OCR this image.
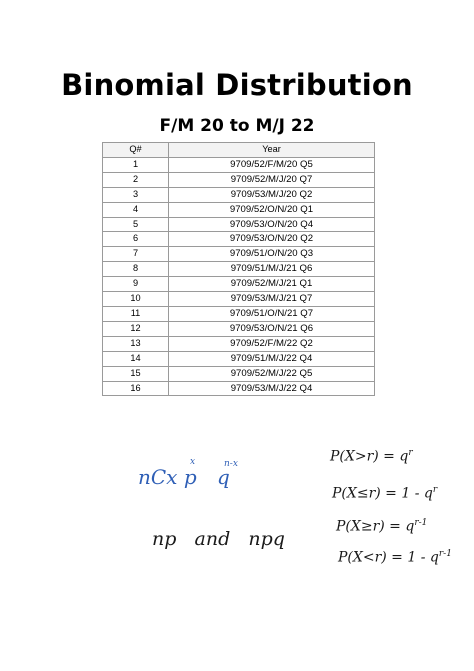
Binomial Distribution
F/M 20 to M/J 22
Q#	Year
1	9709/52/F/M/20 Q5
2	9709/52/M/J/20 Q7
3	9709/53/M/J/20 Q2
4	9709/52/O/N/20 Q1
5	9709/53/O/N/20 Q4
6	9709/53/O/N/20 Q2
7	9709/51/O/N/20 Q3
8	9709/51/M/J/21 Q6
9	9709/52/M/J/21 Q1
10	9709/53/M/J/21 Q7
11	9709/51/O/N/21 Q7
12	9709/53/O/N/21 Q6
13	9709/52/F/M/22 Q2
14	9709/51/M/J/22 Q4
15	9709/52/M/J/22 Q5
16	9709/53/M/J/22 Q4
nCx p
x
q
n-x
np   and   npq
$P(X>r) = q^r$
$P(X\le r) = 1 - q^r$
$P(X\ge r) = q^{r-1}$
$P(X<r) = 1 - q^{r-1}$
